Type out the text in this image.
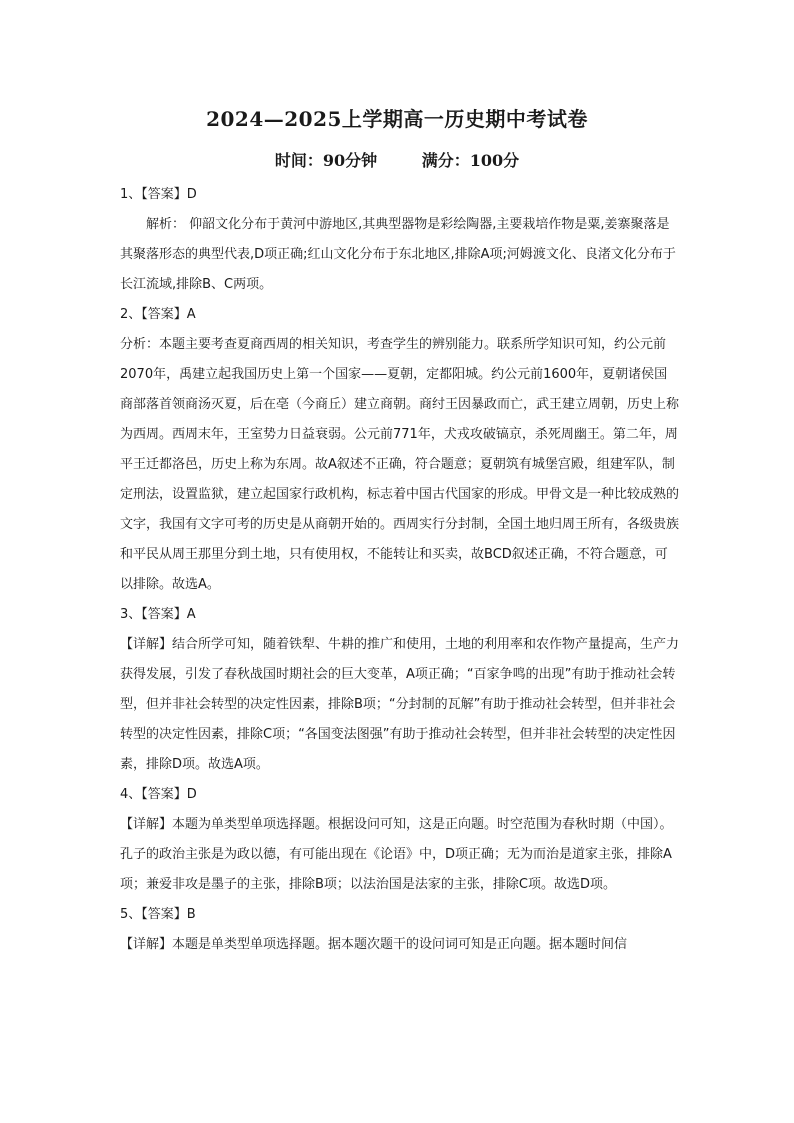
2024—2025上学期高一历史期中考试卷
时间：90分钟        满分：100分

1、【答案】D

解析： 仰韶文化分布于黄河中游地区,其典型器物是彩绘陶器,主要栽培作物是粟,姜寨聚落是其聚落形态的典型代表,D项正确;红山文化分布于东北地区,排除A项;河姆渡文化、良渚文化分布于长江流域,排除B、C两项。

2、【答案】A

分析：本题主要考查夏商西周的相关知识，考查学生的辨别能力。联系所学知识可知，约公元前2070年，禹建立起我国历史上第一个国家——夏朝，定都阳城。约公元前1600年，夏朝诸侯国商部落首领商汤灭夏，后在亳（今商丘）建立商朝。商纣王因暴政而亡，武王建立周朝，历史上称为西周。西周末年，王室势力日益衰弱。公元前771年，犬戎攻破镐京，杀死周幽王。第二年，周平王迁都洛邑，历史上称为东周。故A叙述不正确，符合题意；夏朝筑有城堡宫殿，组建军队，制定刑法，设置监狱，建立起国家行政机构，标志着中国古代国家的形成。甲骨文是一种比较成熟的文字，我国有文字可考的历史是从商朝开始的。西周实行分封制，全国土地归周王所有，各级贵族和平民从周王那里分到土地，只有使用权，不能转让和买卖，故BCD叙述正确，不符合题意，可以排除。故选A。

3、【答案】A

【详解】结合所学可知，随着铁犁、牛耕的推广和使用，土地的利用率和农作物产量提高，生产力获得发展，引发了春秋战国时期社会的巨大变革，A项正确；“百家争鸣的出现”有助于推动社会转型，但并非社会转型的决定性因素，排除B项；“分封制的瓦解”有助于推动社会转型，但并非社会转型的决定性因素，排除C项；“各国变法图强”有助于推动社会转型，但并非社会转型的决定性因素，排除D项。故选A项。

4、【答案】D

【详解】本题为单类型单项选择题。根据设问可知，这是正向题。时空范围为春秋时期（中国）。孔子的政治主张是为政以德，有可能出现在《论语》中，D项正确；无为而治是道家主张，排除A项；兼爱非攻是墨子的主张，排除B项；以法治国是法家的主张，排除C项。故选D项。

5、【答案】B

【详解】本题是单类型单项选择题。据本题次题干的设问词可知是正向题。据本题时间信
